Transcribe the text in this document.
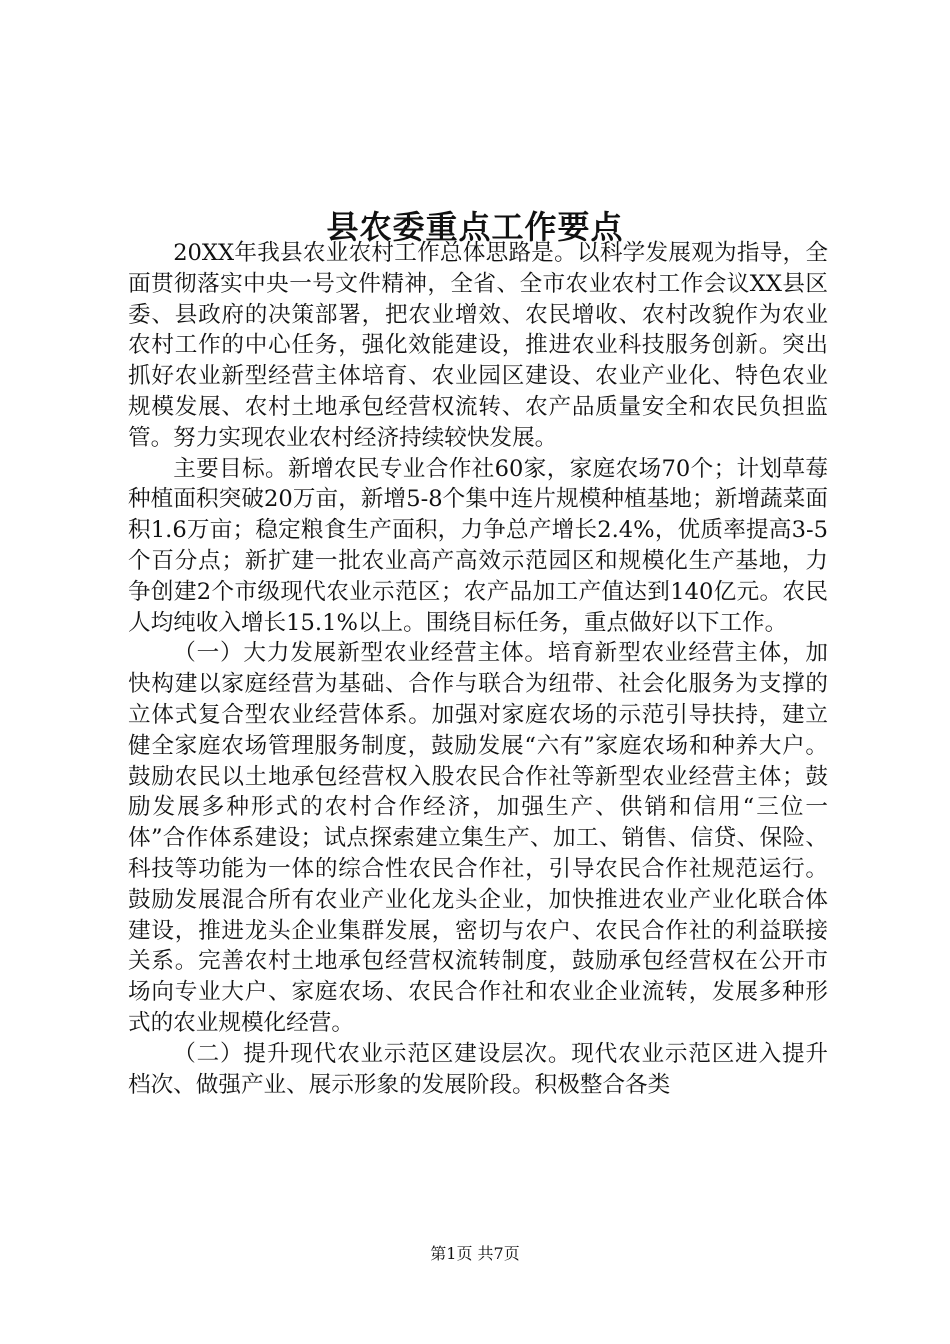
县农委重点工作要点

20XX年我县农业农村工作总体思路是。以科学发展观为指导，全面贯彻落实中央一号文件精神，全省、全市农业农村工作会议XX县区委、县政府的决策部署，把农业增效、农民增收、农村改貌作为农业农村工作的中心任务，强化效能建设，推进农业科技服务创新。突出抓好农业新型经营主体培育、农业园区建设、农业产业化、特色农业规模发展、农村土地承包经营权流转、农产品质量安全和农民负担监管。努力实现农业农村经济持续较快发展。

主要目标。新增农民专业合作社60家，家庭农场70个；计划草莓种植面积突破20万亩，新增5-8个集中连片规模种植基地；新增蔬菜面积1.6万亩；稳定粮食生产面积，力争总产增长2.4%，优质率提高3-5个百分点；新扩建一批农业高产高效示范园区和规模化生产基地，力争创建2个市级现代农业示范区；农产品加工产值达到140亿元。农民人均纯收入增长15.1%以上。围绕目标任务，重点做好以下工作。

（一）大力发展新型农业经营主体。培育新型农业经营主体，加快构建以家庭经营为基础、合作与联合为纽带、社会化服务为支撑的立体式复合型农业经营体系。加强对家庭农场的示范引导扶持，建立健全家庭农场管理服务制度，鼓励发展“六有”家庭农场和种养大户。鼓励农民以土地承包经营权入股农民合作社等新型农业经营主体；鼓励发展多种形式的农村合作经济，加强生产、供销和信用“三位一体”合作体系建设；试点探索建立集生产、加工、销售、信贷、保险、科技等功能为一体的综合性农民合作社，引导农民合作社规范运行。鼓励发展混合所有农业产业化龙头企业，加快推进农业产业化联合体建设，推进龙头企业集群发展，密切与农户、农民合作社的利益联接关系。完善农村土地承包经营权流转制度，鼓励承包经营权在公开市场向专业大户、家庭农场、农民合作社和农业企业流转，发展多种形式的农业规模化经营。

（二）提升现代农业示范区建设层次。现代农业示范区进入提升档次、做强产业、展示形象的发展阶段。积极整合各类

第1页 共7页
